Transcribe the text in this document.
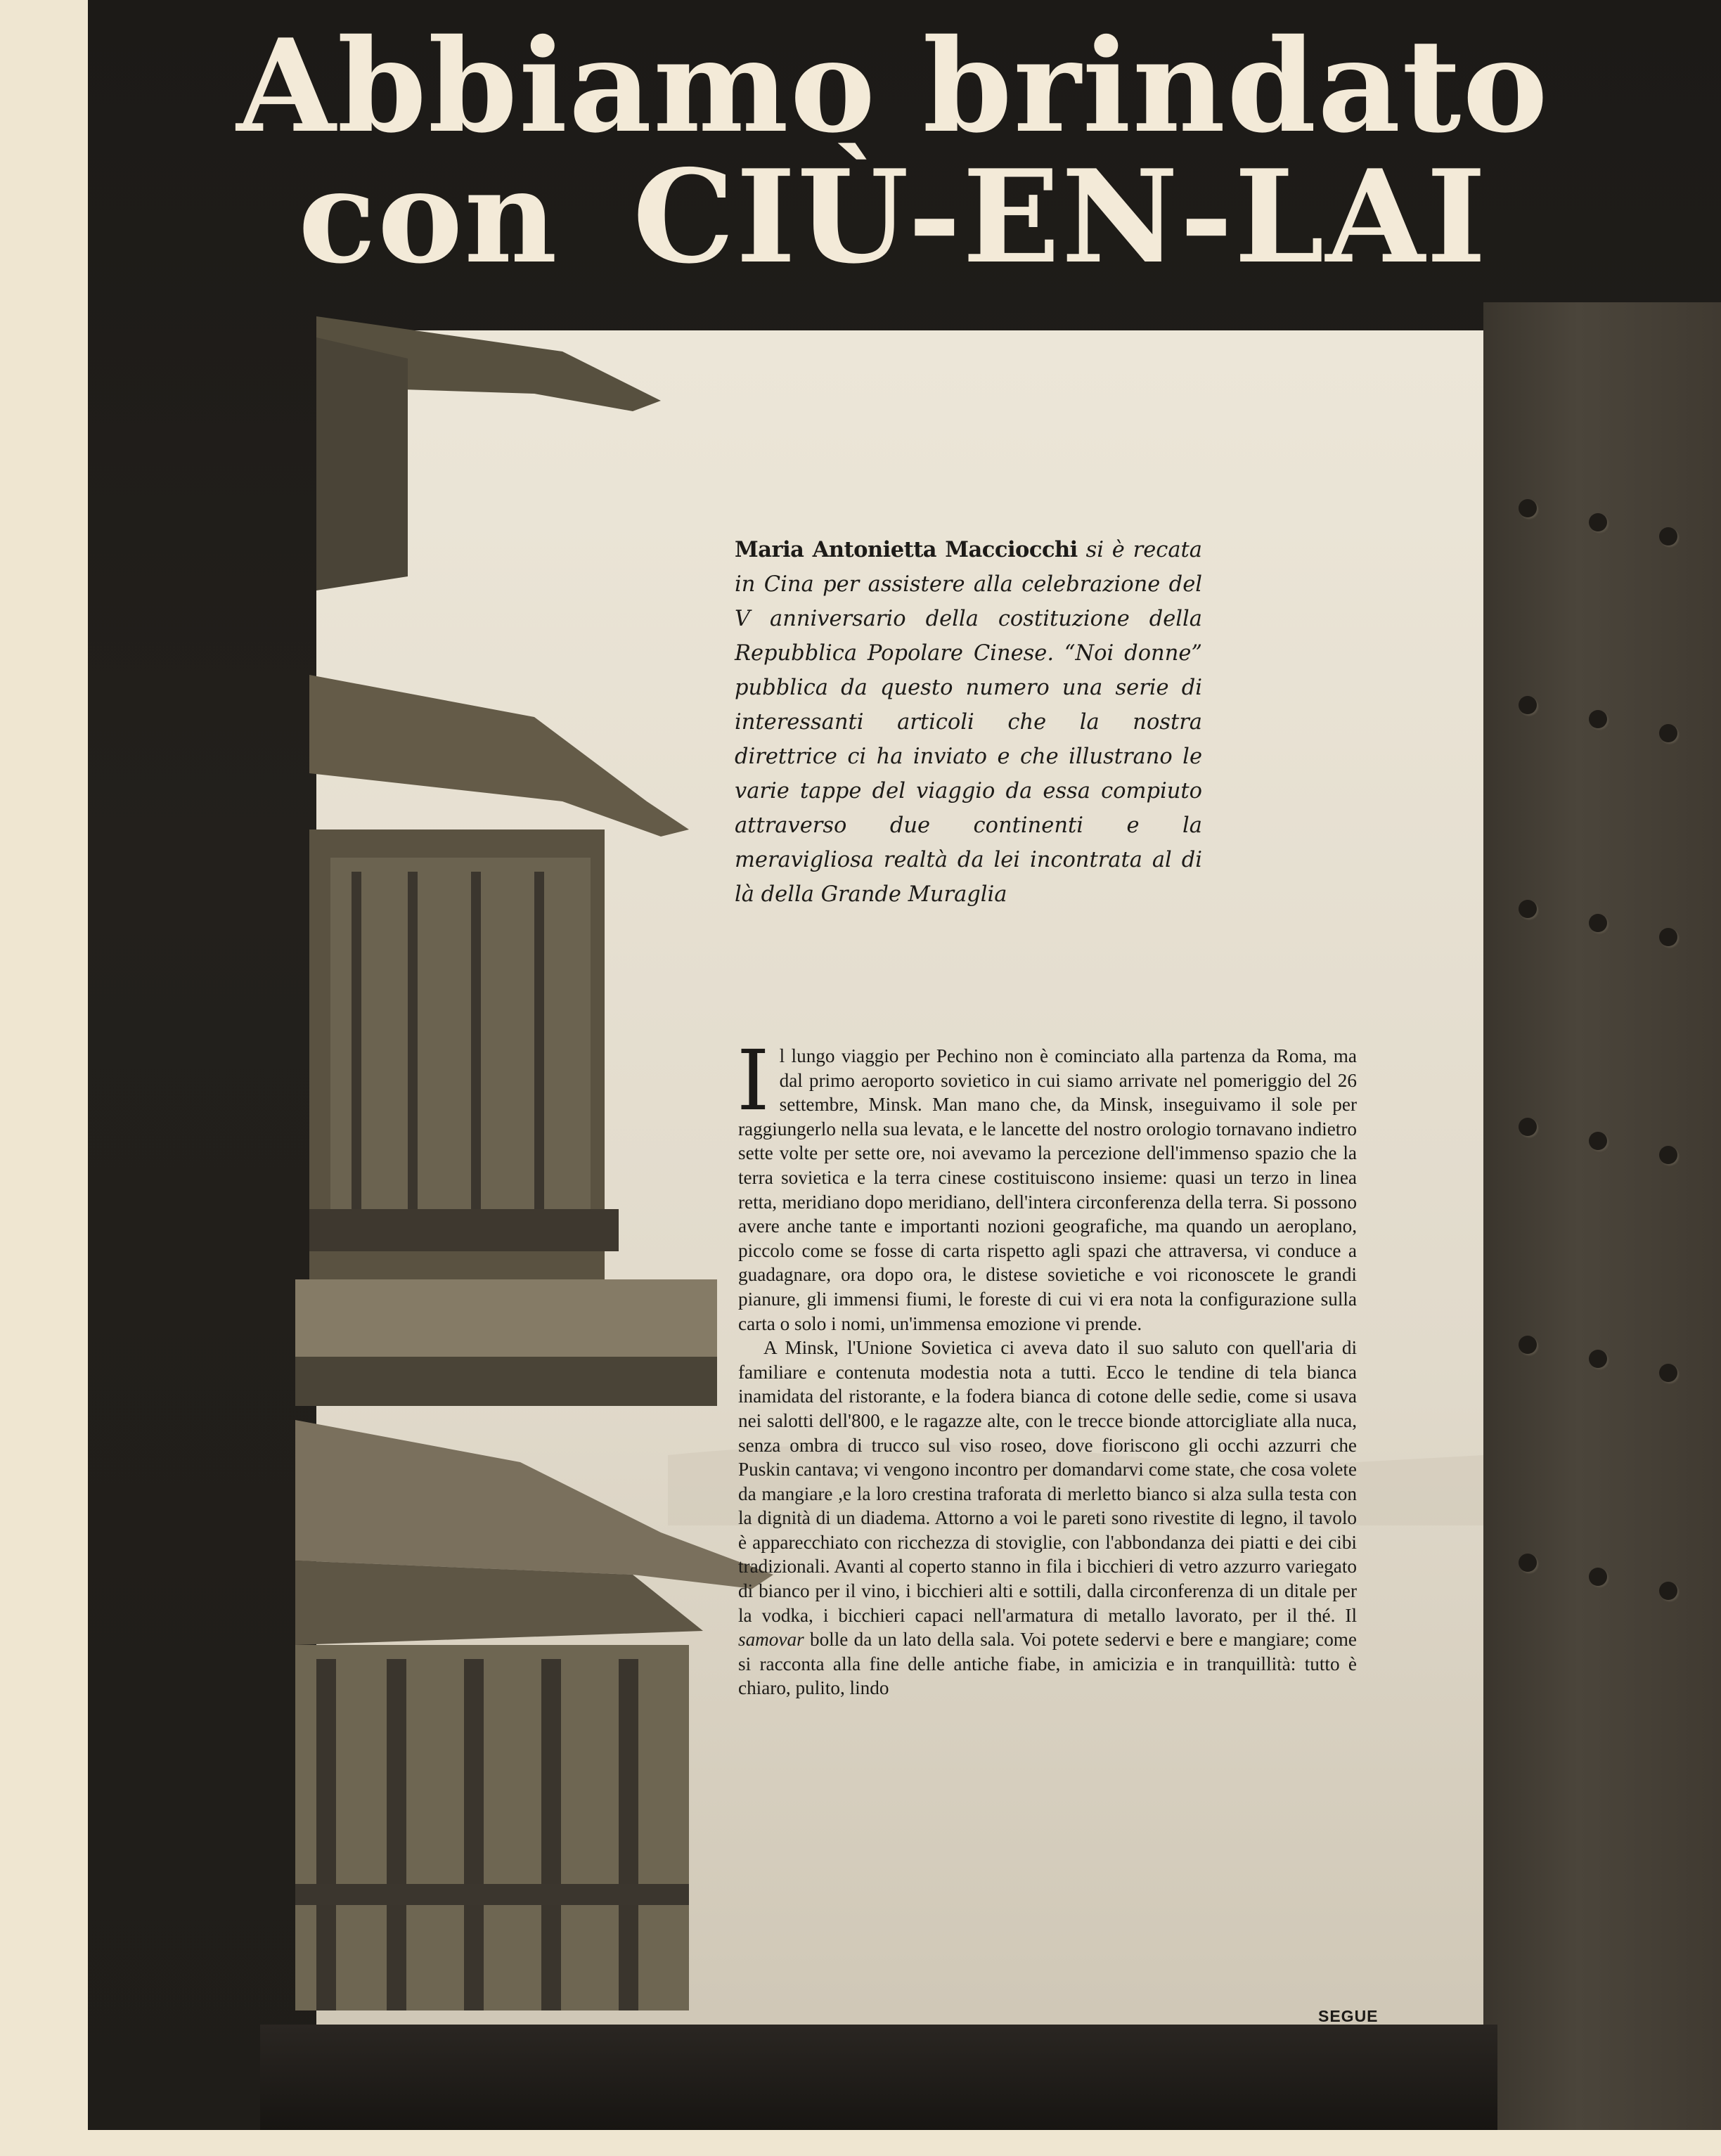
Abbiamo brindato
con CIÙ-EN-LAI

Maria Antonietta Macciocchi si è recata in Cina per assistere alla celebrazione del V anniversario della costituzione della Repubblica Popolare Cinese. “Noi donne” pubblica da questo numero una serie di interessanti articoli che la nostra direttrice ci ha inviato e che illustrano le varie tappe del viaggio da essa compiuto attraverso due continenti e la meravigliosa realtà da lei incontrata al di là della Grande Muraglia

Il lungo viaggio per Pechino non è cominciato alla partenza da Roma, ma dal primo aeroporto sovietico in cui siamo arrivate nel pomeriggio del 26 settembre, Minsk. Man mano che, da Minsk, inseguivamo il sole per raggiungerlo nella sua levata, e le lancette del nostro orologio tornavano indietro sette volte per sette ore, noi avevamo la percezione dell'immenso spazio che la terra sovietica e la terra cinese costituiscono insieme: quasi un terzo in linea retta, meridiano dopo meridiano, dell'intera circonferenza della terra. Si possono avere anche tante e importanti nozioni geografiche, ma quando un aeroplano, piccolo come se fosse di carta rispetto agli spazi che attraversa, vi conduce a guadagnare, ora dopo ora, le distese sovietiche e voi riconoscete le grandi pianure, gli immensi fiumi, le foreste di cui vi era nota la configurazione sulla carta o solo i nomi, un'immensa emozione vi prende.

A Minsk, l'Unione Sovietica ci aveva dato il suo saluto con quell'aria di familiare e contenuta modestia nota a tutti. Ecco le tendine di tela bianca inamidata del ristorante, e la fodera bianca di cotone delle sedie, come si usava nei salotti dell'800, e le ragazze alte, con le trecce bionde attorcigliate alla nuca, senza ombra di trucco sul viso roseo, dove fioriscono gli occhi azzurri che Puskin cantava; vi vengono incontro per domandarvi come state, che cosa volete da mangiare ,e la loro crestina traforata di merletto bianco si alza sulla testa con la dignità di un diadema. Attorno a voi le pareti sono rivestite di legno, il tavolo è apparecchiato con ricchezza di stoviglie, con l'abbondanza dei piatti e dei cibi tradizionali. Avanti al coperto stanno in fila i bicchieri di vetro azzurro variegato di bianco per il vino, i bicchieri alti e sottili, dalla circonferenza di un ditale per la vodka, i bicchieri capaci nell'armatura di metallo lavorato, per il thé. Il samovar bolle da un lato della sala. Voi potete sedervi e bere e mangiare; come si racconta alla fine delle antiche fiabe, in amicizia e in tranquillità: tutto è chiaro, pulito, lindo

SEGUE
